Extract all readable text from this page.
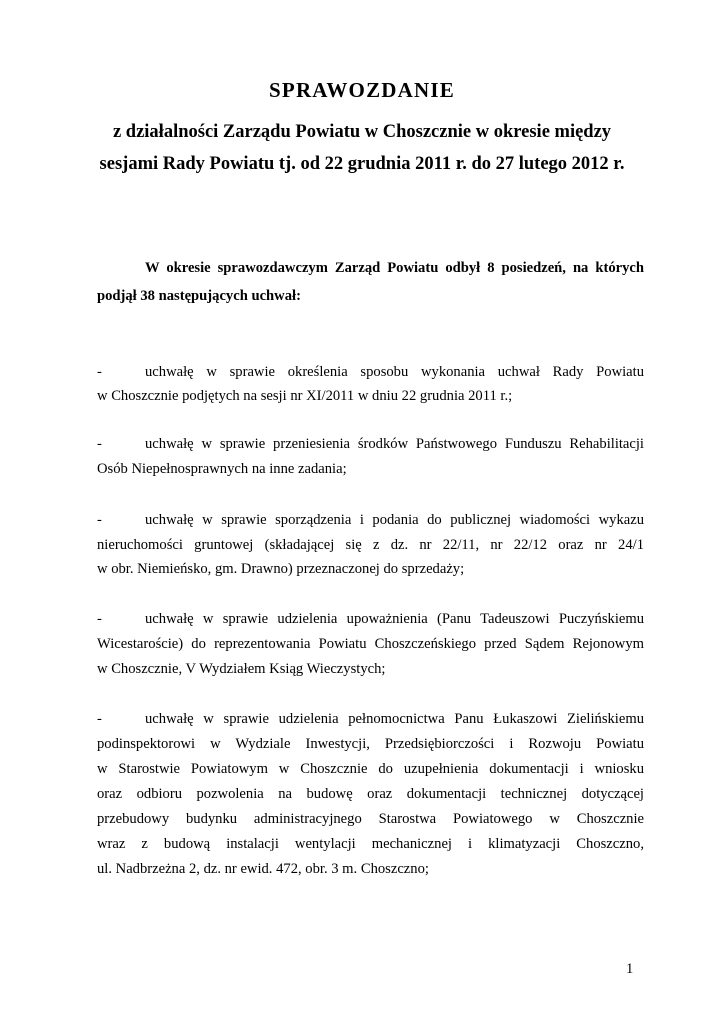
SPRAWOZDANIE
z działalności Zarządu Powiatu w Choszcznie w okresie między
sesjami Rady Powiatu tj. od 22 grudnia 2011 r. do 27 lutego 2012 r.
W okresie sprawozdawczym Zarząd Powiatu odbył 8 posiedzeń, na których
podjął 38 następujących uchwał:
-	uchwałę w sprawie określenia sposobu wykonania uchwał Rady Powiatu
w Choszcznie podjętych na sesji nr XI/2011 w dniu 22 grudnia 2011 r.;
-	uchwałę w sprawie przeniesienia środków Państwowego Funduszu Rehabilitacji
Osób Niepełnosprawnych na inne zadania;
-	uchwałę w sprawie sporządzenia i podania do publicznej wiadomości wykazu
nieruchomości gruntowej (składającej się z dz. nr 22/11, nr 22/12 oraz nr 24/1
w obr. Niemieńsko, gm. Drawno) przeznaczonej do sprzedaży;
-	uchwałę w sprawie udzielenia upoważnienia (Panu Tadeuszowi Puczyńskiemu
Wicestaroście) do reprezentowania Powiatu Choszczeńskiego przed Sądem Rejonowym
w Choszcznie, V Wydziałem Ksiąg Wieczystych;
-	uchwałę w sprawie udzielenia pełnomocnictwa Panu Łukaszowi Zielińskiemu
podinspektorowi w Wydziale Inwestycji, Przedsiębiorczości i Rozwoju Powiatu
w Starostwie Powiatowym w Choszcznie do uzupełnienia dokumentacji i wniosku
oraz odbioru pozwolenia na budowę oraz dokumentacji technicznej dotyczącej
przebudowy budynku administracyjnego Starostwa Powiatowego w Choszcznie
wraz z budową instalacji wentylacji mechanicznej i klimatyzacji Choszczno,
ul. Nadbrzeżna 2, dz. nr ewid. 472, obr. 3 m. Choszczno;
1
